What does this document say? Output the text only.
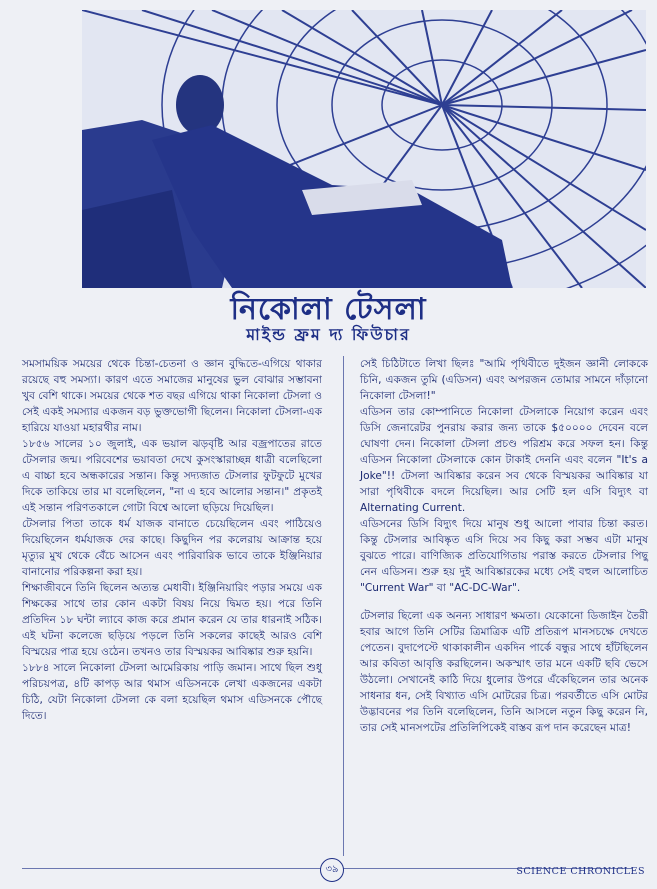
নিকোলা টেসলা
মাইন্ড ফ্রম দ্য ফিউচার

সমসাময়িক সময়ের থেকে চিন্তা-চেতনা ও জ্ঞান বুদ্ধিতে-এগিয়ে থাকার রয়েছে বহু সমস্যা। কারণ এতে সমাজের মানুষের ভুল বোঝার সম্ভাবনা খুব বেশি থাকে। সময়ের থেকে শত বছর এগিয়ে থাকা নিকোলা টেসলা ও সেই একই সমস্যার একজন বড় ভুক্তভোগী ছিলেন। নিকোলা টেসলা-এক হারিয়ে যাওয়া মহারথীর নাম।

১৮৫৬ সালের ১০ জুলাই, এক ভয়াল ঝড়বৃষ্টি আর বজ্রপাতের রাতে টেসলার জন্ম। পরিবেশের ভয়াবতা দেখে কুসংস্কারাচ্ছন্ন ধাত্রী বলেছিলো এ বাচ্চা হবে অন্ধকারের সন্তান। কিন্তু সদ্যজাত টেসলার ফুটফুটে মুখের দিকে তাকিয়ে তার মা বলেছিলেন, "না এ হবে আলোর সন্তান।" প্রকৃতই এই সন্তান পরিণতকালে গোটা বিশ্বে আলো ছড়িয়ে দিয়েছিল।

টেসলার পিতা তাকে ধর্ম যাজক বানাতে চেয়েছিলেন এবং পাঠিয়েও দিয়েছিলেন ধর্মযাজক দের কাছে। কিছুদিন পর কলেরায় আক্রান্ত হয়ে মৃত্যুর মুখ থেকে বেঁচে আসেন এবং পারিবারিক ভাবে তাকে ইঞ্জিনিয়ার বানানোর পরিকল্পনা করা হয়।

শিক্ষাজীবনে তিনি ছিলেন অত্যন্ত মেধাবী। ইঞ্জিনিয়ারিং পড়ার সময়ে এক শিক্ষকের সাথে তার কোন একটা বিষয় নিয়ে দ্বিমত হয়। পরে তিনি প্রতিদিন ১৮ ঘন্টা ল্যাবে কাজ করে প্রমান করেন যে তার ধারনাই সঠিক। এই ঘটনা কলেজে ছড়িয়ে পড়লে তিনি সকলের কাছেই আরও বেশি বিস্ময়ের পাত্র হয়ে ওঠেন। তখনও তার বিস্ময়কর আবিষ্কার শুরু হয়নি।

১৮৮৪ সালে নিকোলা টেসলা আমেরিকায় পাড়ি জমান। সাথে ছিল শুধু পরিচয়পত্র, ৪টি কাপড় আর থমাস এডিসনকে লেখা একজনের একটা চিঠি, যেটা নিকোলা টেসলা কে বলা হয়েছিল থমাস এডিসনকে পৌছে দিতে।

সেই চিঠিটাতে লিখা ছিলঃ "আমি পৃথিবীতে দুইজন জ্ঞানী লোককে চিনি, একজন তুমি (এডিসন) এবং অপরজন তোমার সামনে দাঁড়ানো নিকোলা টেসলা!"

এডিসন তার কোম্পানিতে নিকোলা টেসলাকে নিয়োগ করেন এবং ডিসি জেনারেটর পুনরায় করার জন্য তাকে $৫০০০০ দেবেন বলে ঘোষণা দেন। নিকোলা টেসলা প্রচণ্ড পরিশ্রম করে সফল হন। কিন্তু এডিসন নিকোলা টেসলাকে কোন টাকাই দেননি এবং বলেন "It's a Joke"!! টেসলা আবিষ্কার করেন সব থেকে বিস্ময়কর আবিষ্কার যা সারা পৃথিবীকে বদলে দিয়েছিল। আর সেটি হল এসি বিদ্যুৎ বা Alternating Current.

এডিসনের ডিসি বিদ্যুৎ দিয়ে মানুষ শুধু আলো পাবার চিন্তা করত। কিন্তু টেসলার আবিষ্কৃত এসি দিয়ে সব কিছু করা সম্ভব এটা মানুষ বুঝতে পারে। বাণিজ্যিক প্রতিযোগিতায় পরাস্ত করতে টেসলার পিছু নেন এডিসন। শুরু হয় দুই আবিষ্কারকের মধ্যে সেই বহুল আলোচিত "Current War" বা "AC-DC-War".

টেসলার ছিলো এক অনন্য সাধারণ ক্ষমতা। যেকোনো ডিজাইন তৈরী হবার আগে তিনি সেটির ত্রিমাত্রিক এটি প্রতিরূপ মানসচক্ষে দেখতে পেতেন। বুদাপেস্টে থাকাকালীন একদিন পার্কে বন্ধুর সাথে হাঁটছিলেন আর কবিতা আবৃত্তি করছিলেন। অকস্মাৎ তার মনে একটি ছবি ভেসে উঠলো। সেখানেই কাঠি দিয়ে ধুলোর উপরে এঁকেছিলেন তার অনেক সাধনার ধন, সেই বিখ্যাত এসি মোটরের চিত্র। পরবর্তীতে এসি মোটর উদ্ভাবনের পর তিনি বলেছিলেন, তিনি আসলে নতুন কিছু করেন নি, তার সেই মানসপটের প্রতিলিপিকেই বাস্তব রূপ দান করেছেন মাত্র!

৩৯	SCIENCE CHRONICLES
